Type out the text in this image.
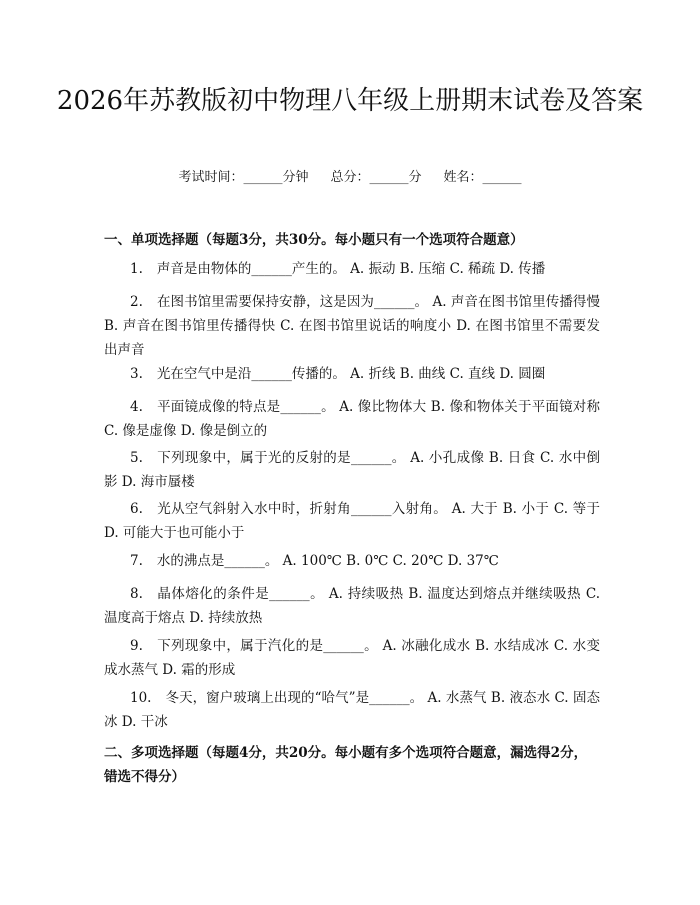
2026年苏教版初中物理八年级上册期末试卷及答案
考试时间：______分钟 总分：______分 姓名：______
一、单项选择题（每题3分，共30分。每小题只有一个选项符合题意）
1. 声音是由物体的______产生的。 A. 振动 B. 压缩 C. 稀疏 D. 传播
2. 在图书馆里需要保持安静，这是因为______。 A. 声音在图书馆里传播得慢 B. 声音在图书馆里传播得快 C. 在图书馆里说话的响度小 D. 在图书馆里不需要发出声音
3. 光在空气中是沿______传播的。 A. 折线 B. 曲线 C. 直线 D. 圆圈
4. 平面镜成像的特点是______。 A. 像比物体大 B. 像和物体关于平面镜对称 C. 像是虚像 D. 像是倒立的
5. 下列现象中，属于光的反射的是______。 A. 小孔成像 B. 日食 C. 水中倒影 D. 海市蜃楼
6. 光从空气斜射入水中时，折射角______入射角。 A. 大于 B. 小于 C. 等于 D. 可能大于也可能小于
7. 水的沸点是______。 A. 100℃ B. 0℃ C. 20℃ D. 37℃
8. 晶体熔化的条件是______。 A. 持续吸热 B. 温度达到熔点并继续吸热 C. 温度高于熔点 D. 持续放热
9. 下列现象中，属于汽化的是______。 A. 冰融化成水 B. 水结成冰 C. 水变成水蒸气 D. 霜的形成
10. 冬天，窗户玻璃上出现的“哈气”是______。 A. 水蒸气 B. 液态水 C. 固态冰 D. 干冰
二、多项选择题（每题4分，共20分。每小题有多个选项符合题意，漏选得2分，错选不得分）
